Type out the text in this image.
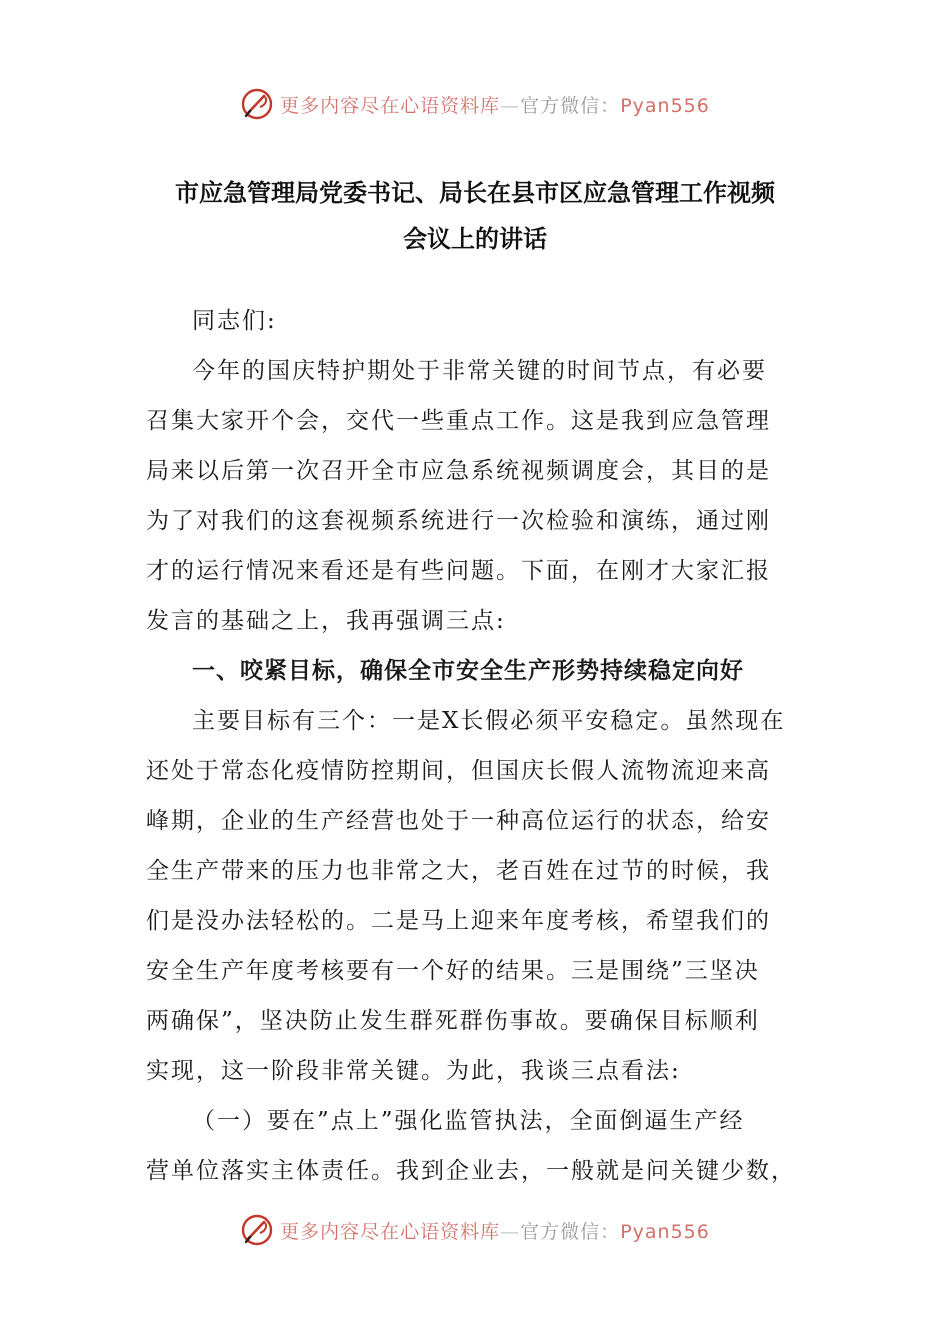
更多内容尽在心语资料库—官方微信：Pyan556
市应急管理局党委书记、局长在县市区应急管理工作视频
会议上的讲话

同志们:

今年的国庆特护期处于非常关键的时间节点，有必要
召集大家开个会，交代一些重点工作。这是我到应急管理
局来以后第一次召开全市应急系统视频调度会，其目的是
为了对我们的这套视频系统进行一次检验和演练，通过刚
才的运行情况来看还是有些问题。下面，在刚才大家汇报
发言的基础之上，我再强调三点:
一、咬紧目标，确保全市安全生产形势持续稳定向好
主要目标有三个：一是X长假必须平安稳定。虽然现在
还处于常态化疫情防控期间，但国庆长假人流物流迎来高
峰期，企业的生产经营也处于一种高位运行的状态，给安
全生产带来的压力也非常之大，老百姓在过节的时候，我
们是没办法轻松的。二是马上迎来年度考核，希望我们的
安全生产年度考核要有一个好的结果。三是围绕”三坚决
两确保”，坚决防止发生群死群伤事故。要确保目标顺利
实现，这一阶段非常关键。为此，我谈三点看法:
（一）要在”点上”强化监管执法，全面倒逼生产经
营单位落实主体责任。我到企业去，一般就是问关键少数，
更多内容尽在心语资料库—官方微信：Pyan556
